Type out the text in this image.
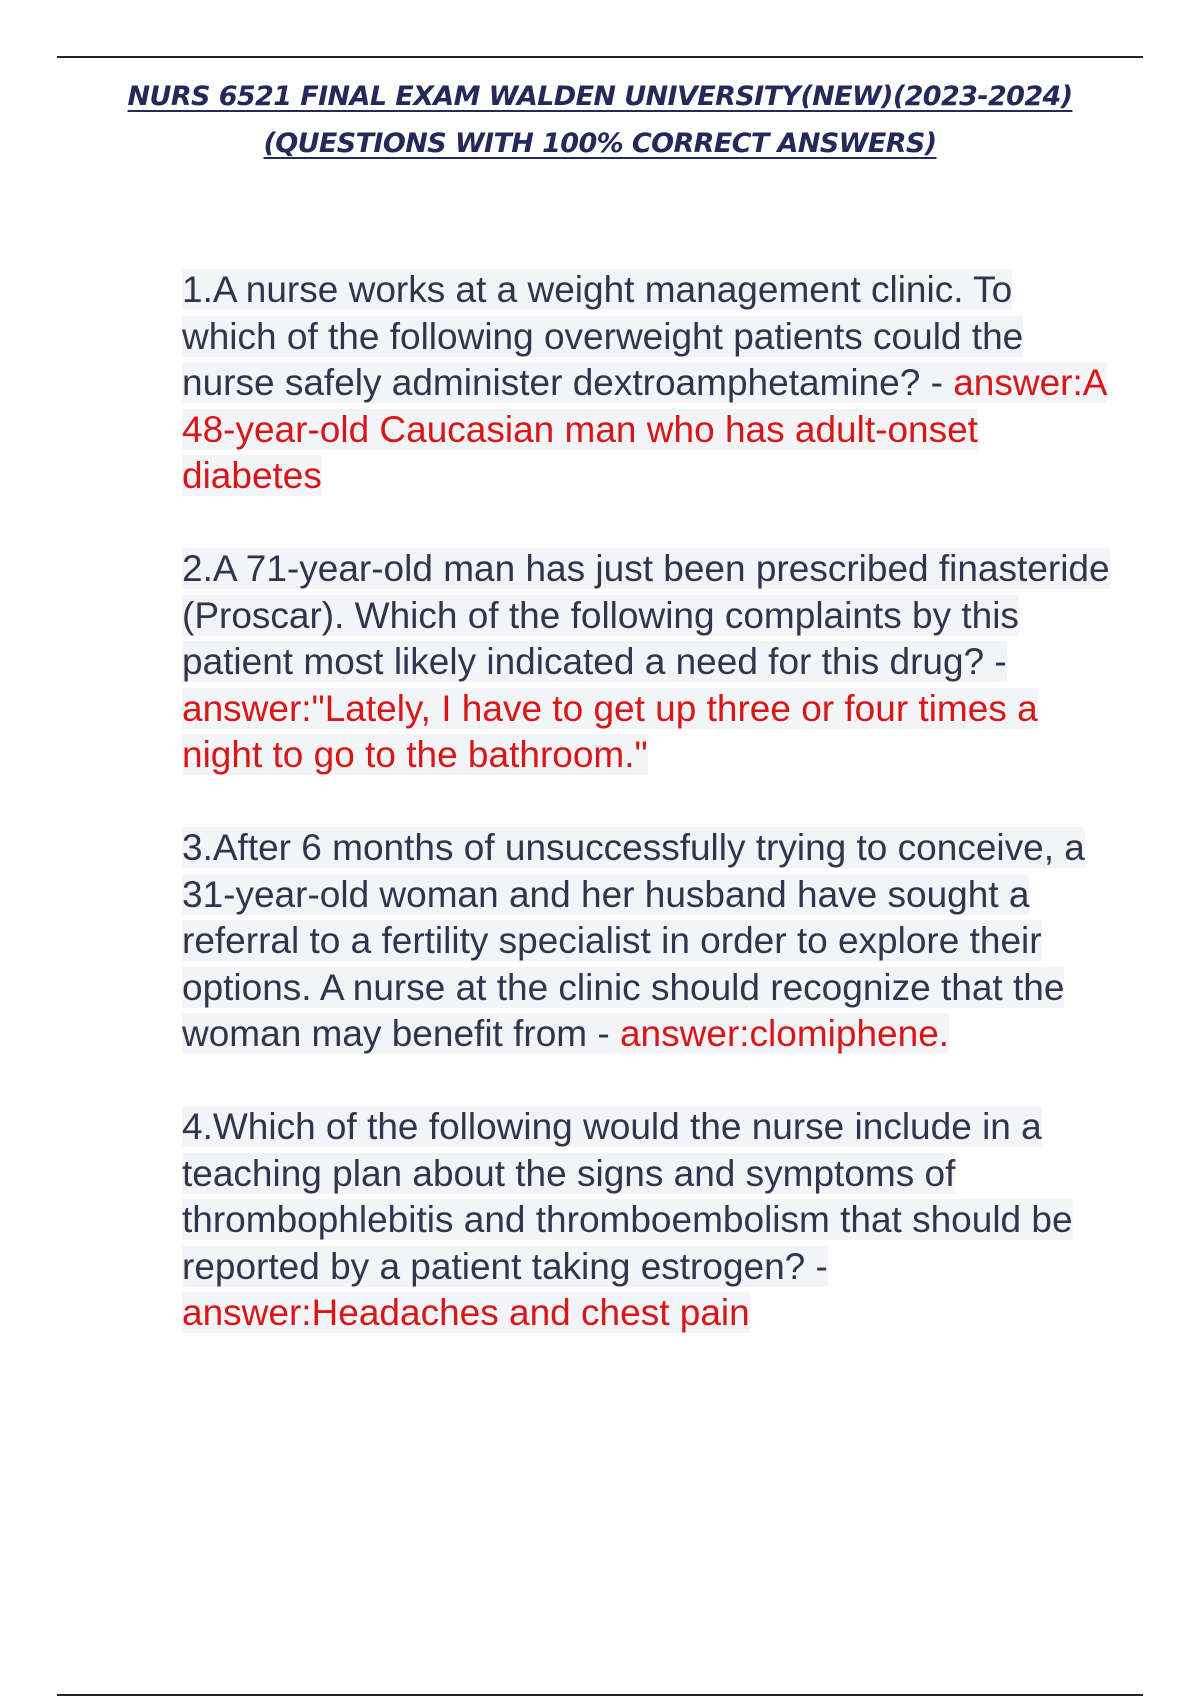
NURS 6521 FINAL EXAM WALDEN UNIVERSITY(NEW)(2023-2024)(QUESTIONS WITH 100% CORRECT ANSWERS)

1.A nurse works at a weight management clinic. To which of the following overweight patients could the nurse safely administer dextroamphetamine? - answer:A 48-year-old Caucasian man who has adult-onset diabetes

2.A 71-year-old man has just been prescribed finasteride (Proscar). Which of the following complaints by this patient most likely indicated a need for this drug? - answer:"Lately, I have to get up three or four times a night to go to the bathroom."

3.After 6 months of unsuccessfully trying to conceive, a 31-year-old woman and her husband have sought a referral to a fertility specialist in order to explore their options. A nurse at the clinic should recognize that the woman may benefit from - answer:clomiphene.

4.Which of the following would the nurse include in a teaching plan about the signs and symptoms of thrombophlebitis and thromboembolism that should be reported by a patient taking estrogen? - answer:Headaches and chest pain
